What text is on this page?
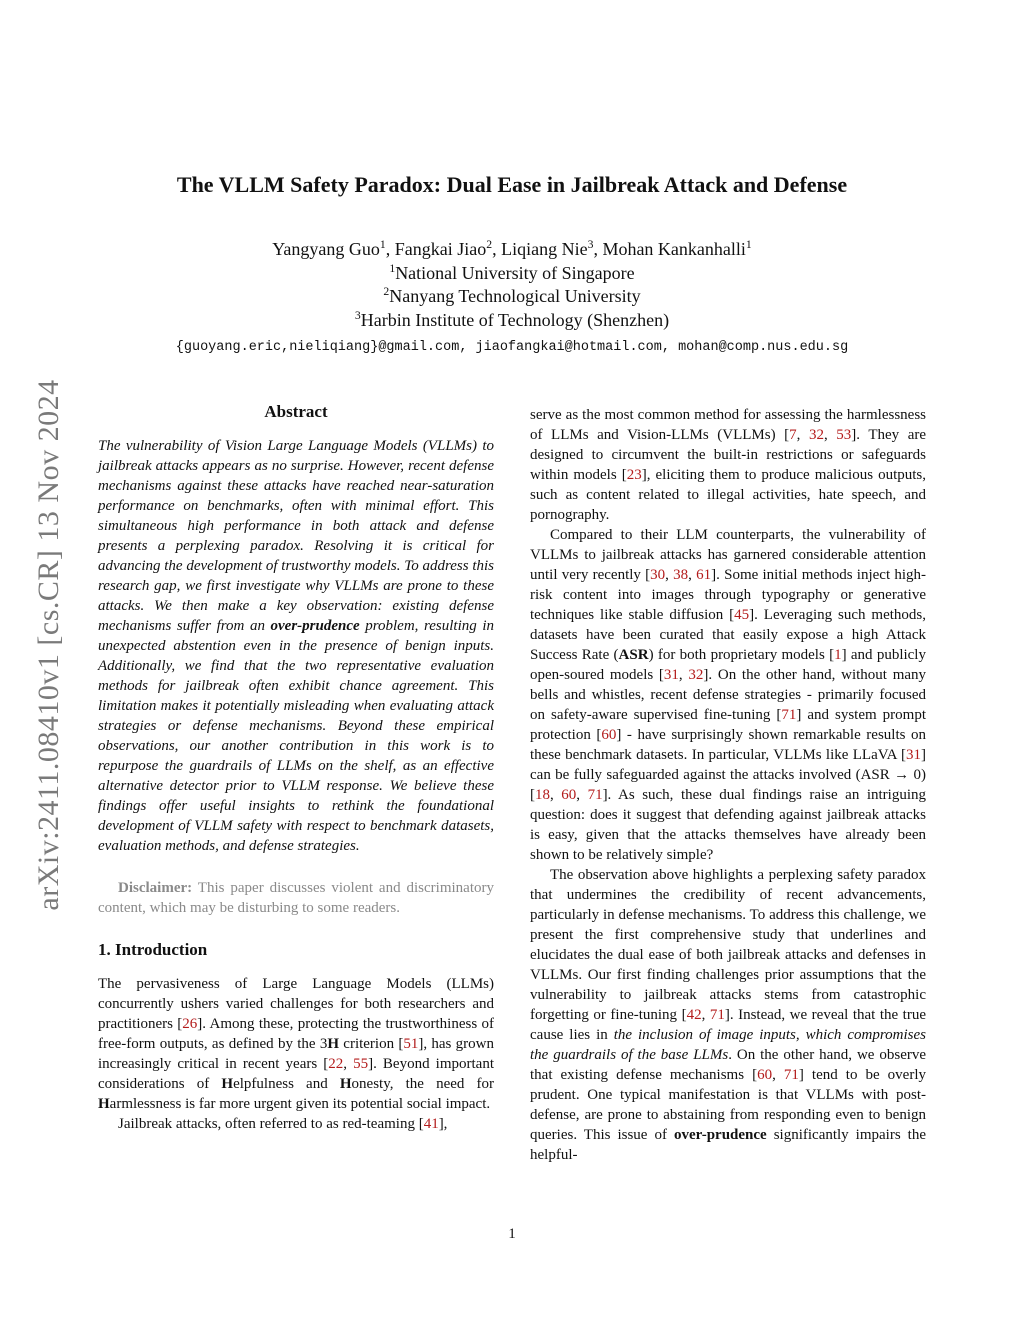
arXiv:2411.08410v1 [cs.CR] 13 Nov 2024
The VLLM Safety Paradox: Dual Ease in Jailbreak Attack and Defense
Yangyang Guo$^1$, Fangkai Jiao$^2$, Liqiang Nie$^3$, Mohan Kankanhalli$^1$
$^1$National University of Singapore
$^2$Nanyang Technological University
$^3$Harbin Institute of Technology (Shenzhen)
{guoyang.eric,nieliqiang}@gmail.com, jiaofangkai@hotmail.com, mohan@comp.nus.edu.sg
Abstract

The vulnerability of Vision Large Language Models (VLLMs) to jailbreak attacks appears as no surprise. However, recent defense mechanisms against these attacks have reached near-saturation performance on benchmarks, often with minimal effort. This simultaneous high performance in both attack and defense presents a perplexing paradox. Resolving it is critical for advancing the development of trustworthy models. To address this research gap, we first investigate why VLLMs are prone to these attacks. We then make a key observation: existing defense mechanisms suffer from an over-prudence problem, resulting in unexpected abstention even in the presence of benign inputs. Additionally, we find that the two representative evaluation methods for jailbreak often exhibit chance agreement. This limitation makes it potentially misleading when evaluating attack strategies or defense mechanisms. Beyond these empirical observations, our another contribution in this work is to repurpose the guardrails of LLMs on the shelf, as an effective alternative detector prior to VLLM response. We believe these findings offer useful insights to rethink the foundational development of VLLM safety with respect to benchmark datasets, evaluation methods, and defense strategies.

Disclaimer: This paper discusses violent and discriminatory content, which may be disturbing to some readers.

1. Introduction

The pervasiveness of Large Language Models (LLMs) concurrently ushers varied challenges for both researchers and practitioners [26]. Among these, protecting the trustworthiness of free-form outputs, as defined by the 3H criterion [51], has grown increasingly critical in recent years [22, 55]. Beyond important considerations of Helpfulness and Honesty, the need for Harmlessness is far more urgent given its potential social impact.

Jailbreak attacks, often referred to as red-teaming [41],

serve as the most common method for assessing the harmlessness of LLMs and Vision-LLMs (VLLMs) [7, 32, 53]. They are designed to circumvent the built-in restrictions or safeguards within models [23], eliciting them to produce malicious outputs, such as content related to illegal activities, hate speech, and pornography.

Compared to their LLM counterparts, the vulnerability of VLLMs to jailbreak attacks has garnered considerable attention until very recently [30, 38, 61]. Some initial methods inject high-risk content into images through typography or generative techniques like stable diffusion [45]. Leveraging such methods, datasets have been curated that easily expose a high Attack Success Rate (ASR) for both proprietary models [1] and publicly open-soured models [31, 32]. On the other hand, without many bells and whistles, recent defense strategies - primarily focused on safety-aware supervised fine-tuning [71] and system prompt protection [60] - have surprisingly shown remarkable results on these benchmark datasets. In particular, VLLMs like LLaVA [31] can be fully safeguarded against the attacks involved (ASR → 0) [18, 60, 71]. As such, these dual findings raise an intriguing question: does it suggest that defending against jailbreak attacks is easy, given that the attacks themselves have already been shown to be relatively simple?

The observation above highlights a perplexing safety paradox that undermines the credibility of recent advancements, particularly in defense mechanisms. To address this challenge, we present the first comprehensive study that underlines and elucidates the dual ease of both jailbreak attacks and defenses in VLLMs. Our first finding challenges prior assumptions that the vulnerability to jailbreak attacks stems from catastrophic forgetting or fine-tuning [42, 71]. Instead, we reveal that the true cause lies in the inclusion of image inputs, which compromises the guardrails of the base LLMs. On the other hand, we observe that existing defense mechanisms [60, 71] tend to be overly prudent. One typical manifestation is that VLLMs with post-defense, are prone to abstaining from responding even to benign queries. This issue of over-prudence significantly impairs the helpful-

1
